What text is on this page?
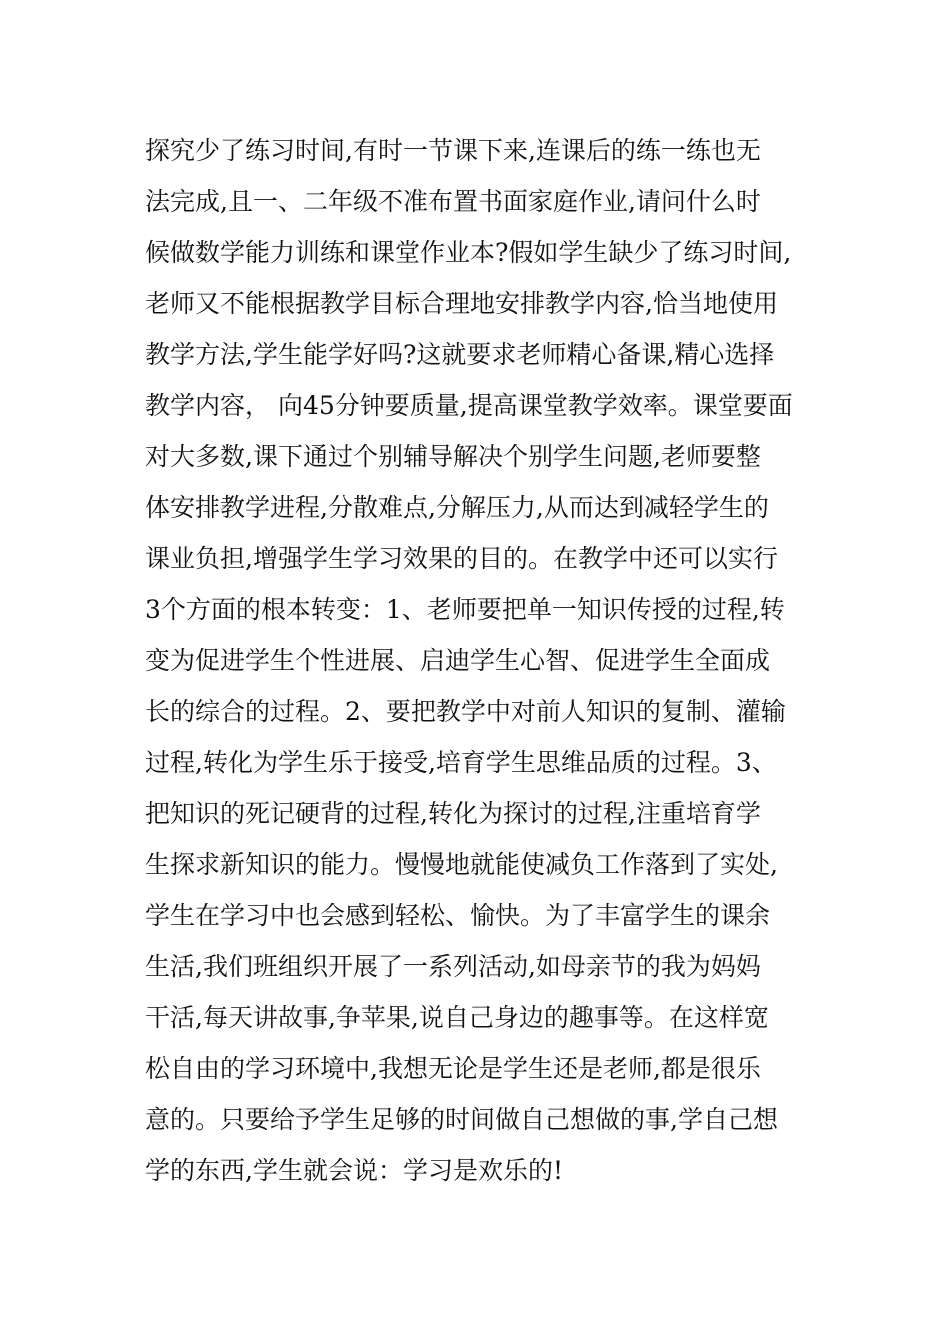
探究少了练习时间,有时一节课下来,连课后的练一练也无
法完成,且一、二年级不准布置书面家庭作业,请问什么时
候做数学能力训练和课堂作业本?假如学生缺少了练习时间,
老师又不能根据教学目标合理地安排教学内容,恰当地使用
教学方法,学生能学好吗?这就要求老师精心备课,精心选择
教学内容， 向45分钟要质量,提高课堂教学效率。课堂要面
对大多数,课下通过个别辅导解决个别学生问题,老师要整
体安排教学进程,分散难点,分解压力,从而达到减轻学生的
课业负担,增强学生学习效果的目的。在教学中还可以实行
3个方面的根本转变：1、老师要把单一知识传授的过程,转
变为促进学生个性进展、启迪学生心智、促进学生全面成
长的综合的过程。2、要把教学中对前人知识的复制、灌输
过程,转化为学生乐于接受,培育学生思维品质的过程。3、
把知识的死记硬背的过程,转化为探讨的过程,注重培育学
生探求新知识的能力。慢慢地就能使减负工作落到了实处,
学生在学习中也会感到轻松、愉快。为了丰富学生的课余
生活,我们班组织开展了一系列活动,如母亲节的我为妈妈
干活,每天讲故事,争苹果,说自己身边的趣事等。在这样宽
松自由的学习环境中,我想无论是学生还是老师,都是很乐
意的。只要给予学生足够的时间做自己想做的事,学自己想
学的东西,学生就会说：学习是欢乐的!
